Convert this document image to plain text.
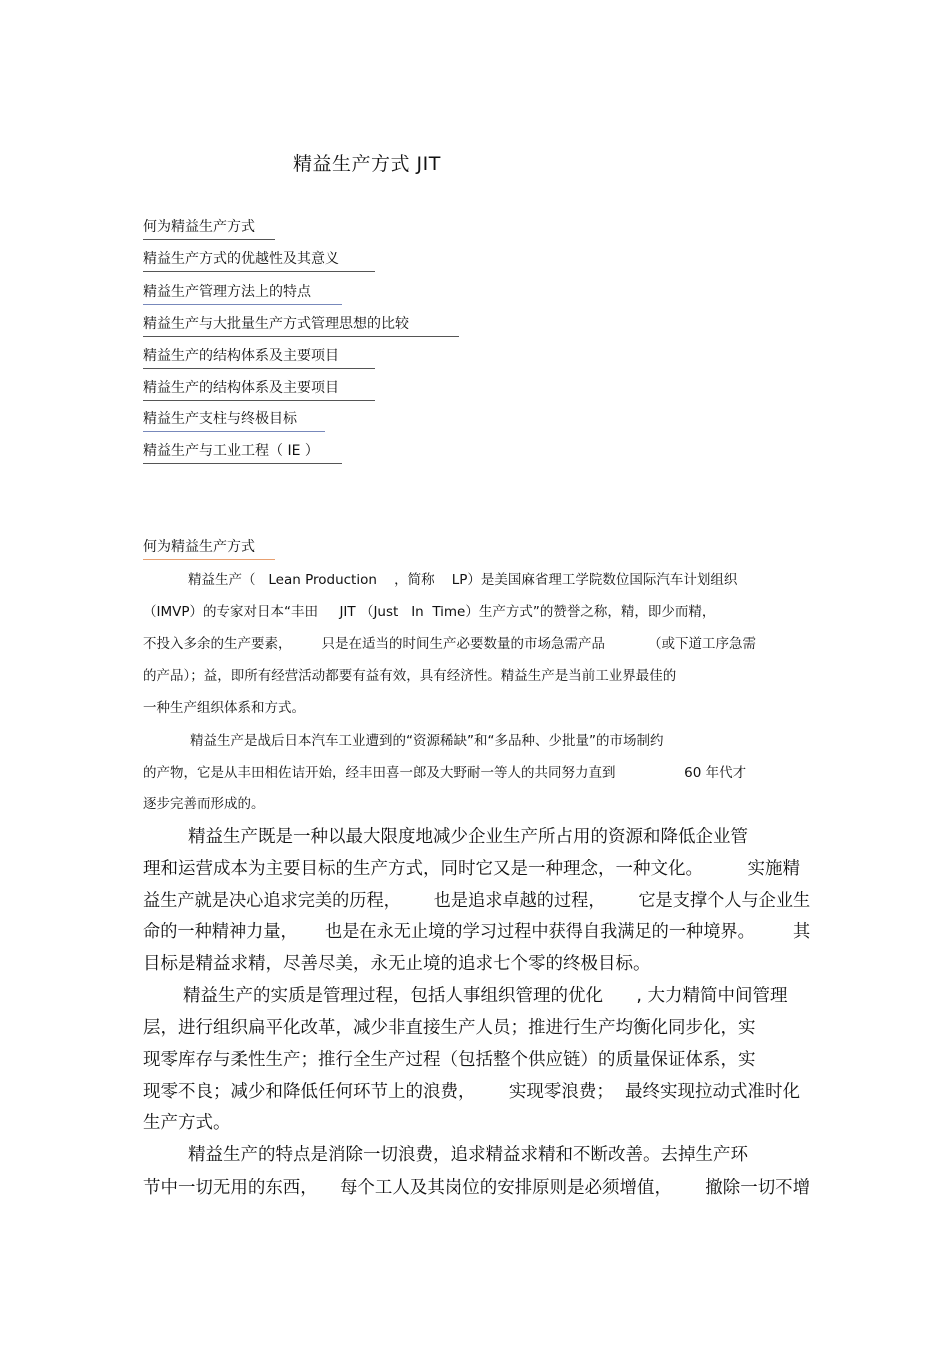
精益生产方式 JIT
何为精益生产方式
精益生产方式的优越性及其意义
精益生产管理方法上的特点
精益生产与大批量生产方式管理思想的比较
精益生产的结构体系及主要项目
精益生产的结构体系及主要项目
精益生产支柱与终极目标
精益生产与工业工程（ IE ）
何为精益生产方式
精益生产（   Lean Production    ，简称    LP）是美国麻省理工学院数位国际汽车计划组织
（IMVP）的专家对日本“丰田     JIT （Just   In  Time）生产方式”的赞誉之称，精，即少而精，
不投入多余的生产要素，       只是在适当的时间生产必要数量的市场急需产品          （或下道工序急需
的产品）；益，即所有经营活动都要有益有效，具有经济性。精益生产是当前工业界最佳的
一种生产组织体系和方式。
精益生产是战后日本汽车工业遭到的“资源稀缺”和“多品种、少批量”的市场制约
的产物，它是从丰田相佐诘开始，经丰田喜一郎及大野耐一等人的共同努力直到                60 年代才
逐步完善而形成的。
精益生产既是一种以最大限度地减少企业生产所占用的资源和降低企业管
理和运营成本为主要目标的生产方式，同时它又是一种理念，一种文化。        实施精
益生产就是决心追求完美的历程，      也是追求卓越的过程，      它是支撑个人与企业生
命的一种精神力量，     也是在永无止境的学习过程中获得自我满足的一种境界。       其
目标是精益求精，尽善尽美，永无止境的追求七个零的终极目标。
精益生产的实质是管理过程，包括人事组织管理的优化      , 大力精简中间管理
层，进行组织扁平化改革，减少非直接生产人员；推进行生产均衡化同步化，实
现零库存与柔性生产；推行全生产过程（包括整个供应链）的质量保证体系，实
现零不良；减少和降低任何环节上的浪费，      实现零浪费；  最终实现拉动式准时化
生产方式。
精益生产的特点是消除一切浪费，追求精益求精和不断改善。去掉生产环
节中一切无用的东西，    每个工人及其岗位的安排原则是必须增值，      撤除一切不增
